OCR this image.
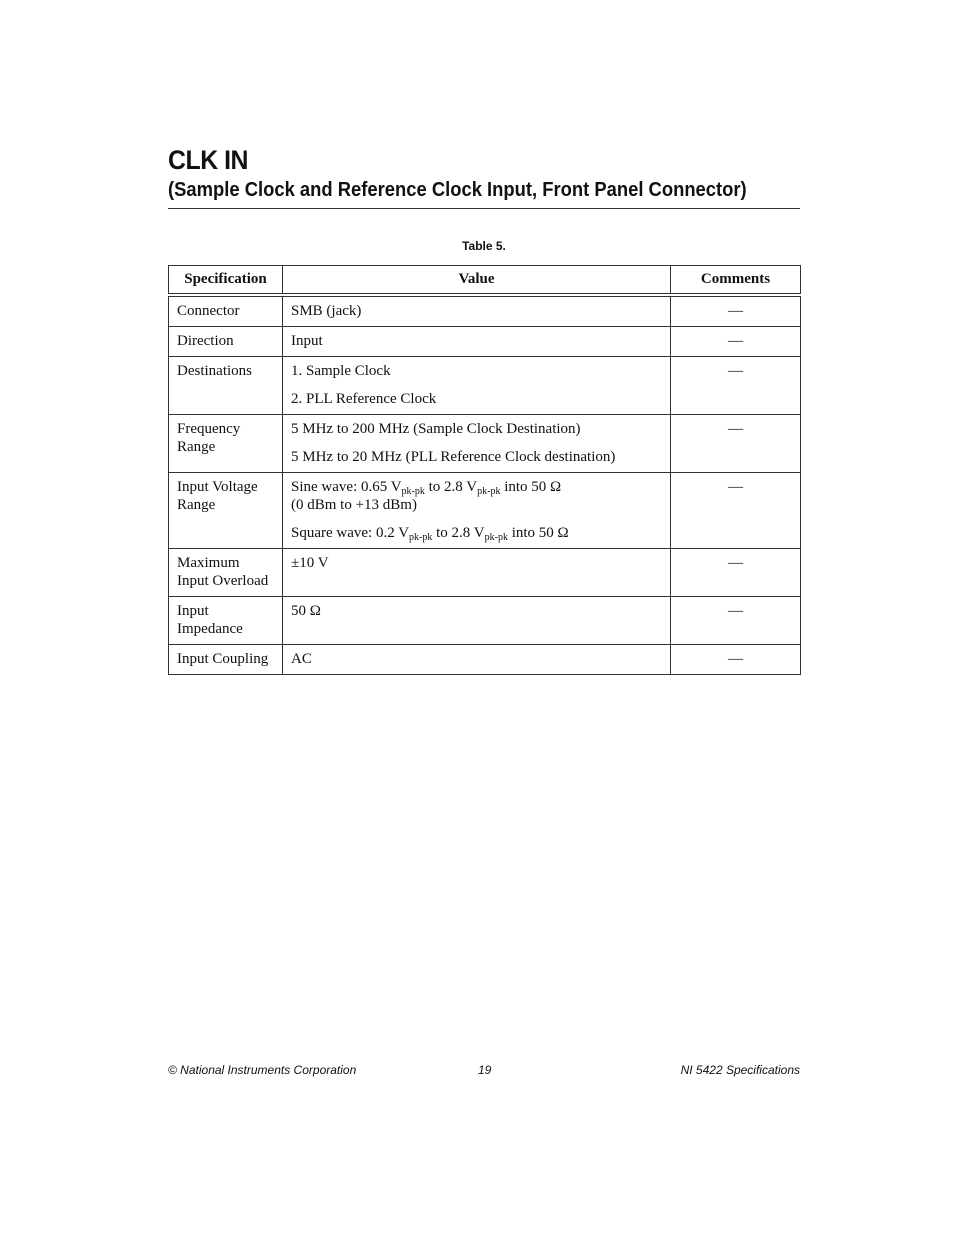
CLK IN
(Sample Clock and Reference Clock Input, Front Panel Connector)
Table 5.
Specification	Value	Comments
Connector	SMB (jack)	—
Direction	Input	—
Destinations	1. Sample Clock

2. PLL Reference Clock	—
Frequency Range	5 MHz to 200 MHz (Sample Clock Destination)

5 MHz to 20 MHz (PLL Reference Clock destination)	—
Input Voltage Range	Sine wave: 0.65 $V_{pk-pk}$ to 2.8 $V_{pk-pk}$ into 50 Ω
(0 dBm to +13 dBm)

Square wave: 0.2 $V_{pk-pk}$ to 2.8 $V_{pk-pk}$ into 50 Ω	—
Maximum Input Overload	±10 V	—
Input Impedance	50 Ω	—
Input Coupling	AC	—
© National Instruments Corporation	19	NI 5422 Specifications
